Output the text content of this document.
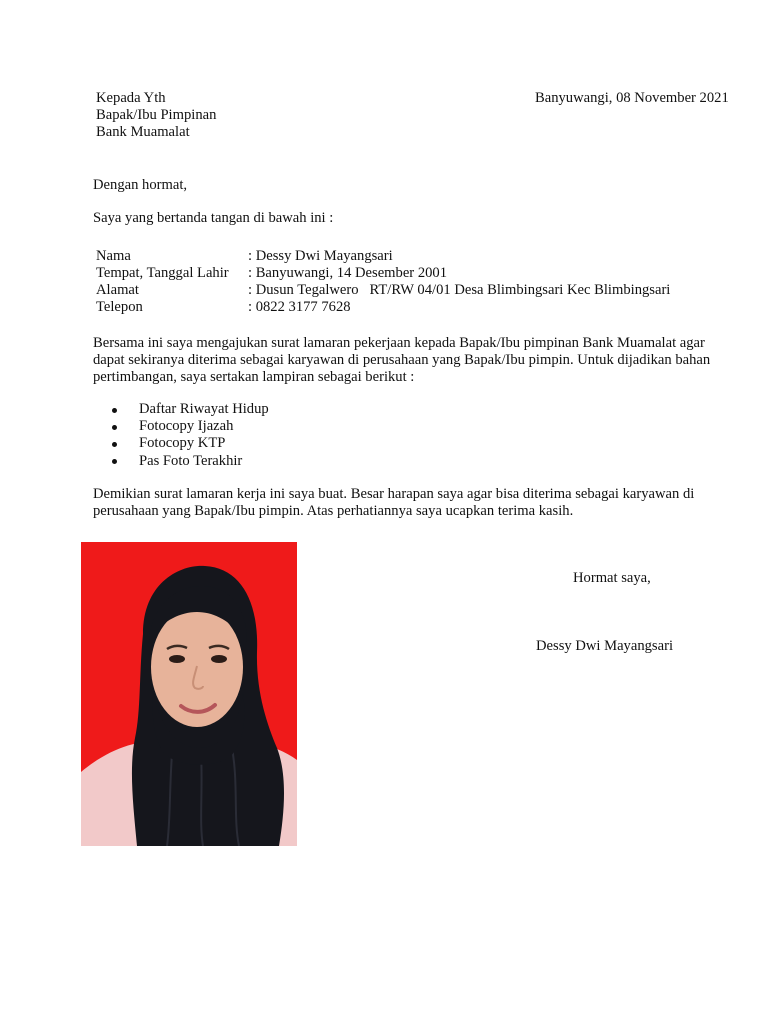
Kepada Yth
Bapak/Ibu Pimpinan
Bank Muamalat

Banyuwangi, 08 November 2021

Dengan hormat,

Saya yang bertanda tangan di bawah ini :

Nama	: Dessy Dwi Mayangsari
Tempat, Tanggal Lahir	: Banyuwangi, 14 Desember 2001
Alamat	: Dusun Tegalwero   RT/RW 04/01 Desa Blimbingsari Kec Blimbingsari
Telepon	: 0822 3177 7628

Bersama ini saya mengajukan surat lamaran pekerjaan kepada Bapak/Ibu pimpinan Bank Muamalat agar dapat sekiranya diterima sebagai karyawan di perusahaan yang Bapak/Ibu pimpin. Untuk dijadikan bahan pertimbangan, saya sertakan lampiran sebagai berikut :

Daftar Riwayat Hidup
Fotocopy Ijazah
Fotocopy KTP
Pas Foto Terakhir

Demikian surat lamaran kerja ini saya buat. Besar harapan saya agar bisa diterima sebagai karyawan di perusahaan yang Bapak/Ibu pimpin. Atas perhatiannya saya ucapkan terima kasih.

Hormat saya,

Dessy Dwi Mayangsari
